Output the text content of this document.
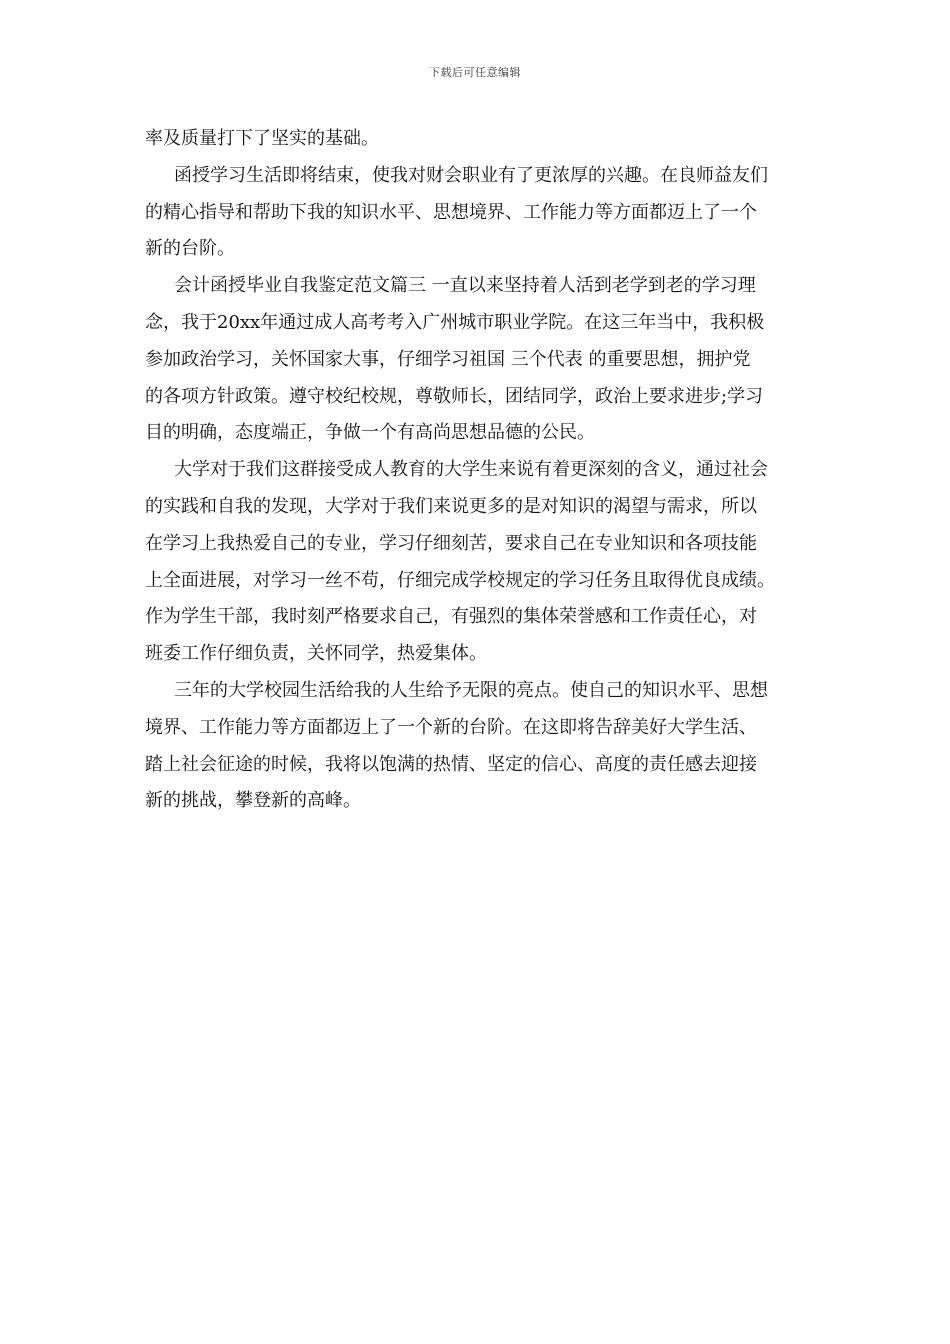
下载后可任意编辑

率及质量打下了坚实的基础。

函授学习生活即将结束，使我对财会职业有了更浓厚的兴趣。在良师益友们

的精心指导和帮助下我的知识水平、思想境界、工作能力等方面都迈上了一个

新的台阶。

会计函授毕业自我鉴定范文篇三 一直以来坚持着人活到老学到老的学习理

念，我于20xx年通过成人高考考入广州城市职业学院。在这三年当中，我积极

参加政治学习，关怀国家大事，仔细学习祖国 三个代表 的重要思想，拥护党

的各项方针政策。遵守校纪校规，尊敬师长，团结同学，政治上要求进步;学习

目的明确，态度端正，争做一个有高尚思想品德的公民。

大学对于我们这群接受成人教育的大学生来说有着更深刻的含义，通过社会

的实践和自我的发现，大学对于我们来说更多的是对知识的渴望与需求，所以

在学习上我热爱自己的专业，学习仔细刻苦，要求自己在专业知识和各项技能

上全面进展，对学习一丝不苟，仔细完成学校规定的学习任务且取得优良成绩。

作为学生干部，我时刻严格要求自己，有强烈的集体荣誉感和工作责任心，对

班委工作仔细负责，关怀同学，热爱集体。

三年的大学校园生活给我的人生给予无限的亮点。使自己的知识水平、思想

境界、工作能力等方面都迈上了一个新的台阶。在这即将告辞美好大学生活、

踏上社会征途的时候，我将以饱满的热情、坚定的信心、高度的责任感去迎接

新的挑战，攀登新的高峰。
